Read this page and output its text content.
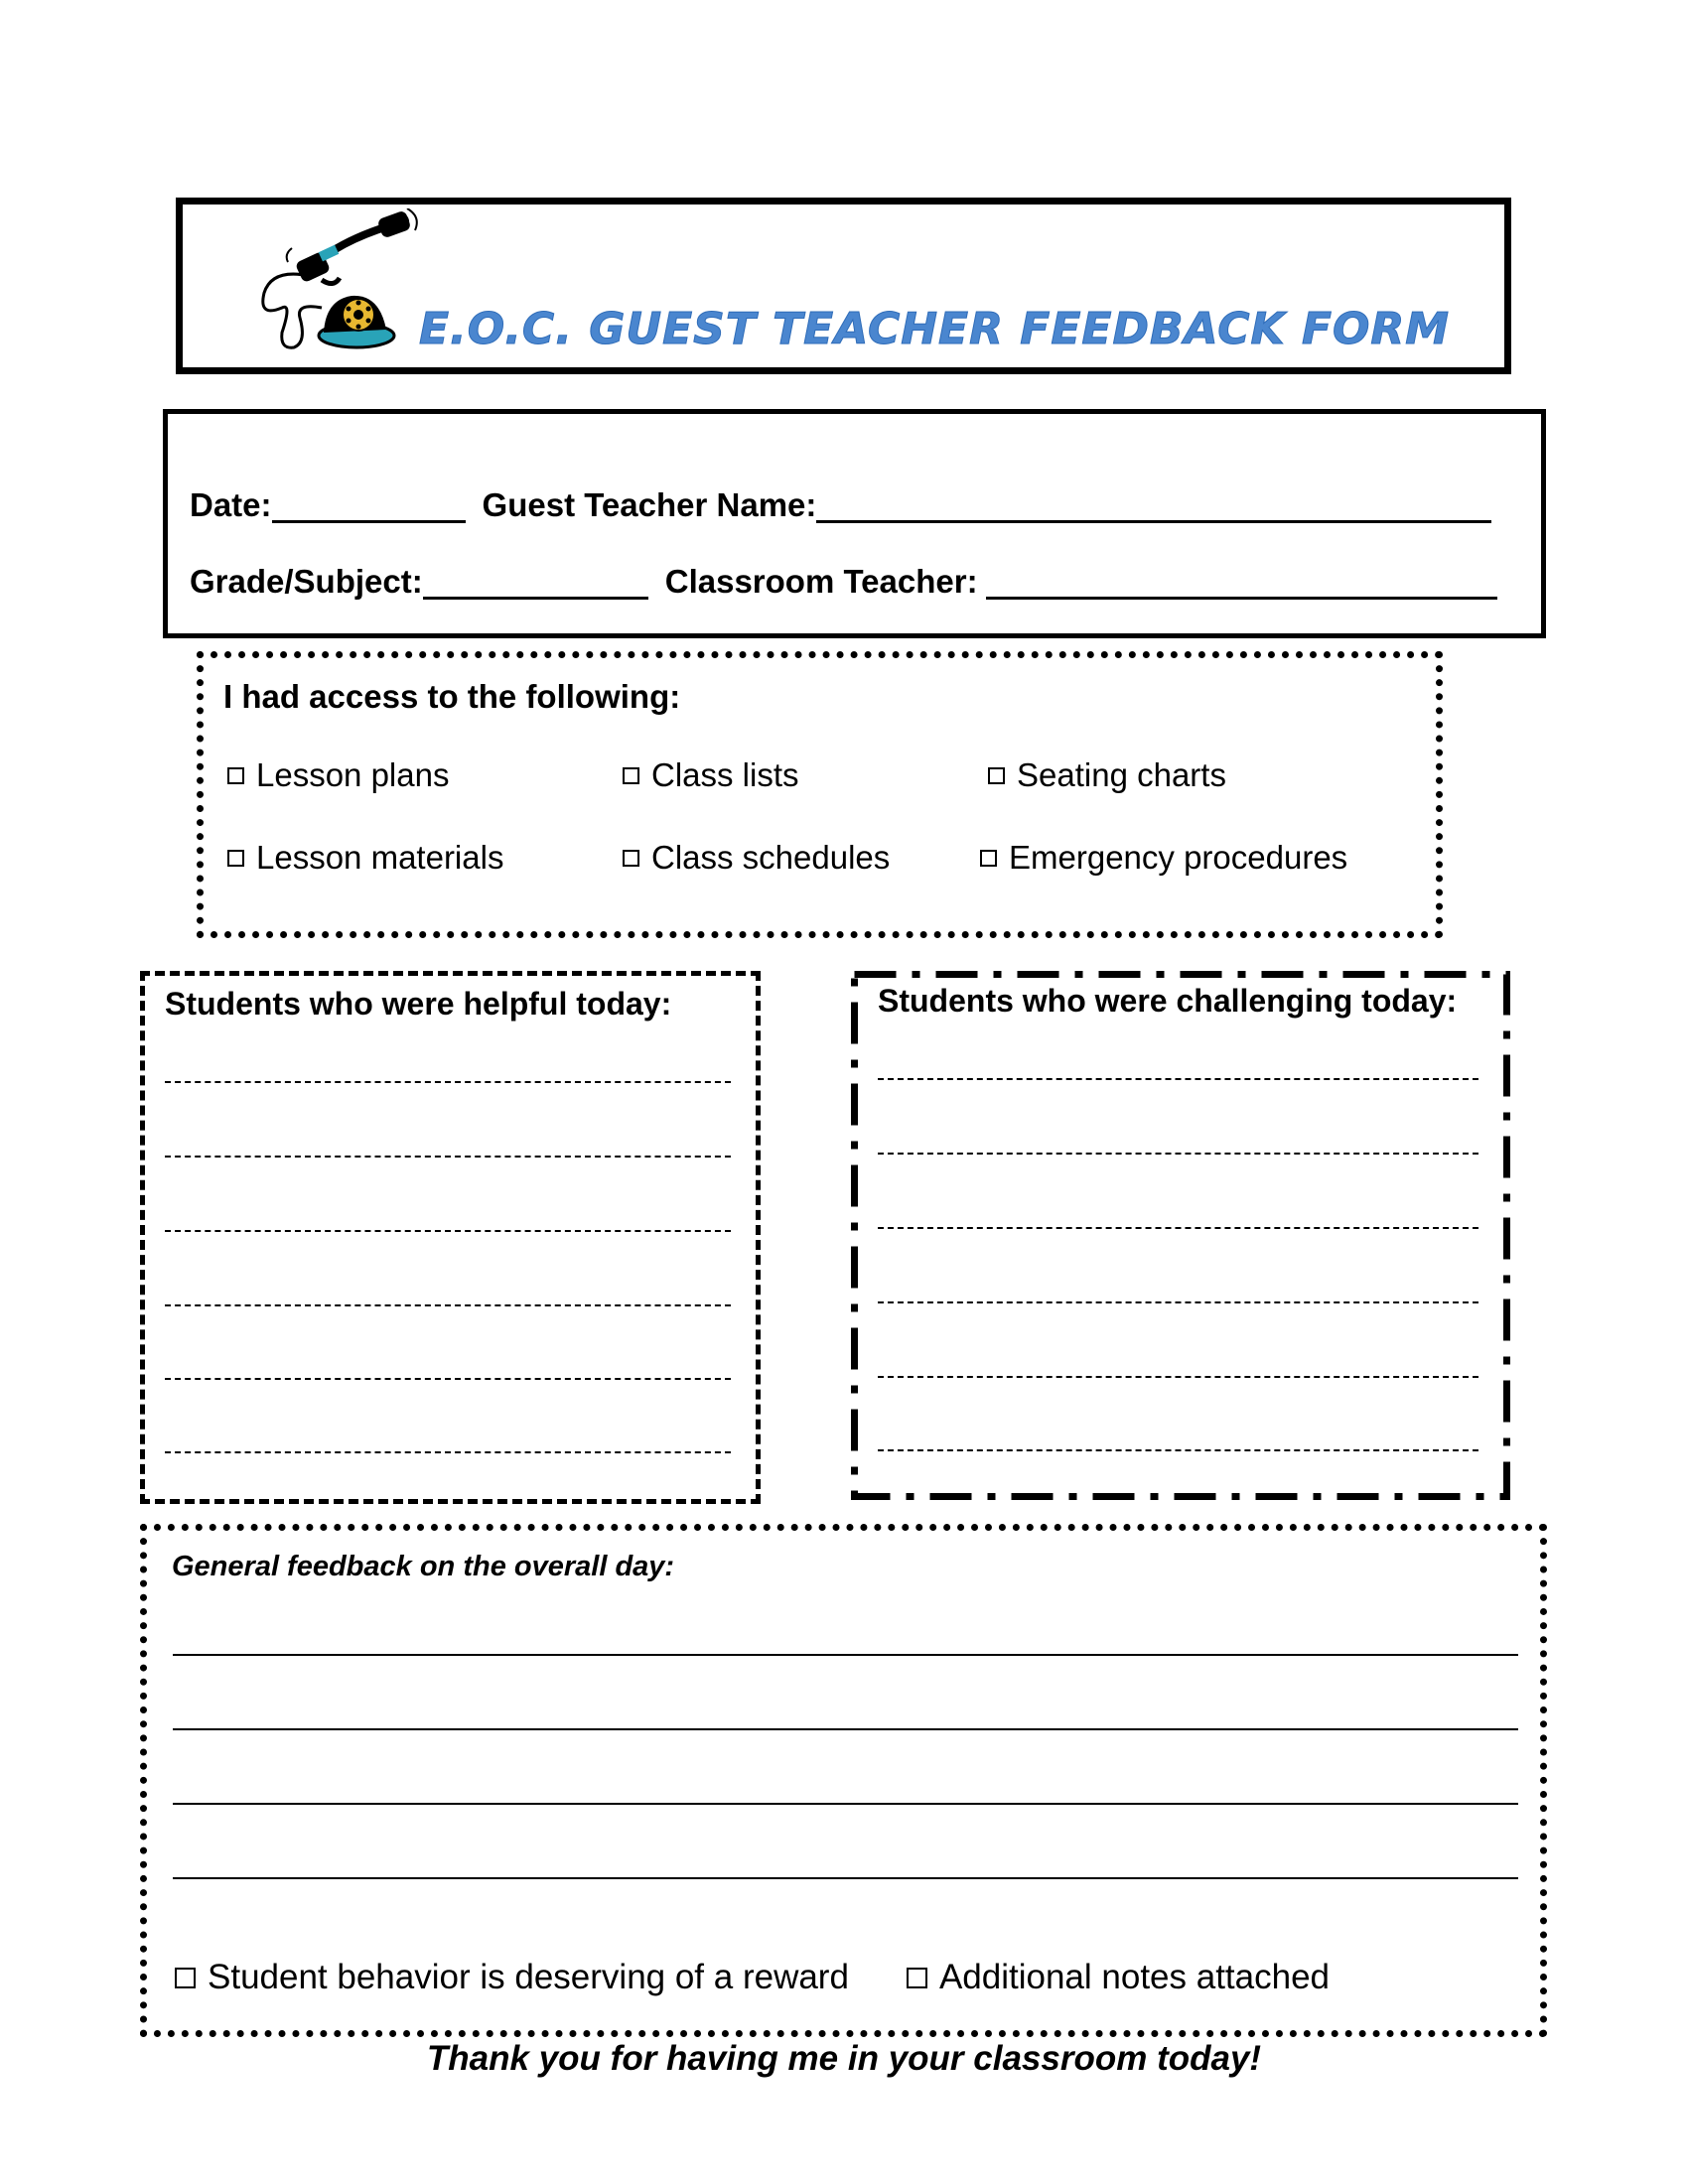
E.O.C. GUEST TEACHER FEEDBACK FORM
Date:	Guest Teacher Name:
Grade/Subject:	Classroom Teacher:
I had access to the following:
Lesson plans	Class lists	Seating charts
Lesson materials	Class schedules	Emergency procedures
Students who were helpful today:	Students who were challenging today:
General feedback on the overall day:
Student behavior is deserving of a reward	Additional notes attached
Thank you for having me in your classroom today!
